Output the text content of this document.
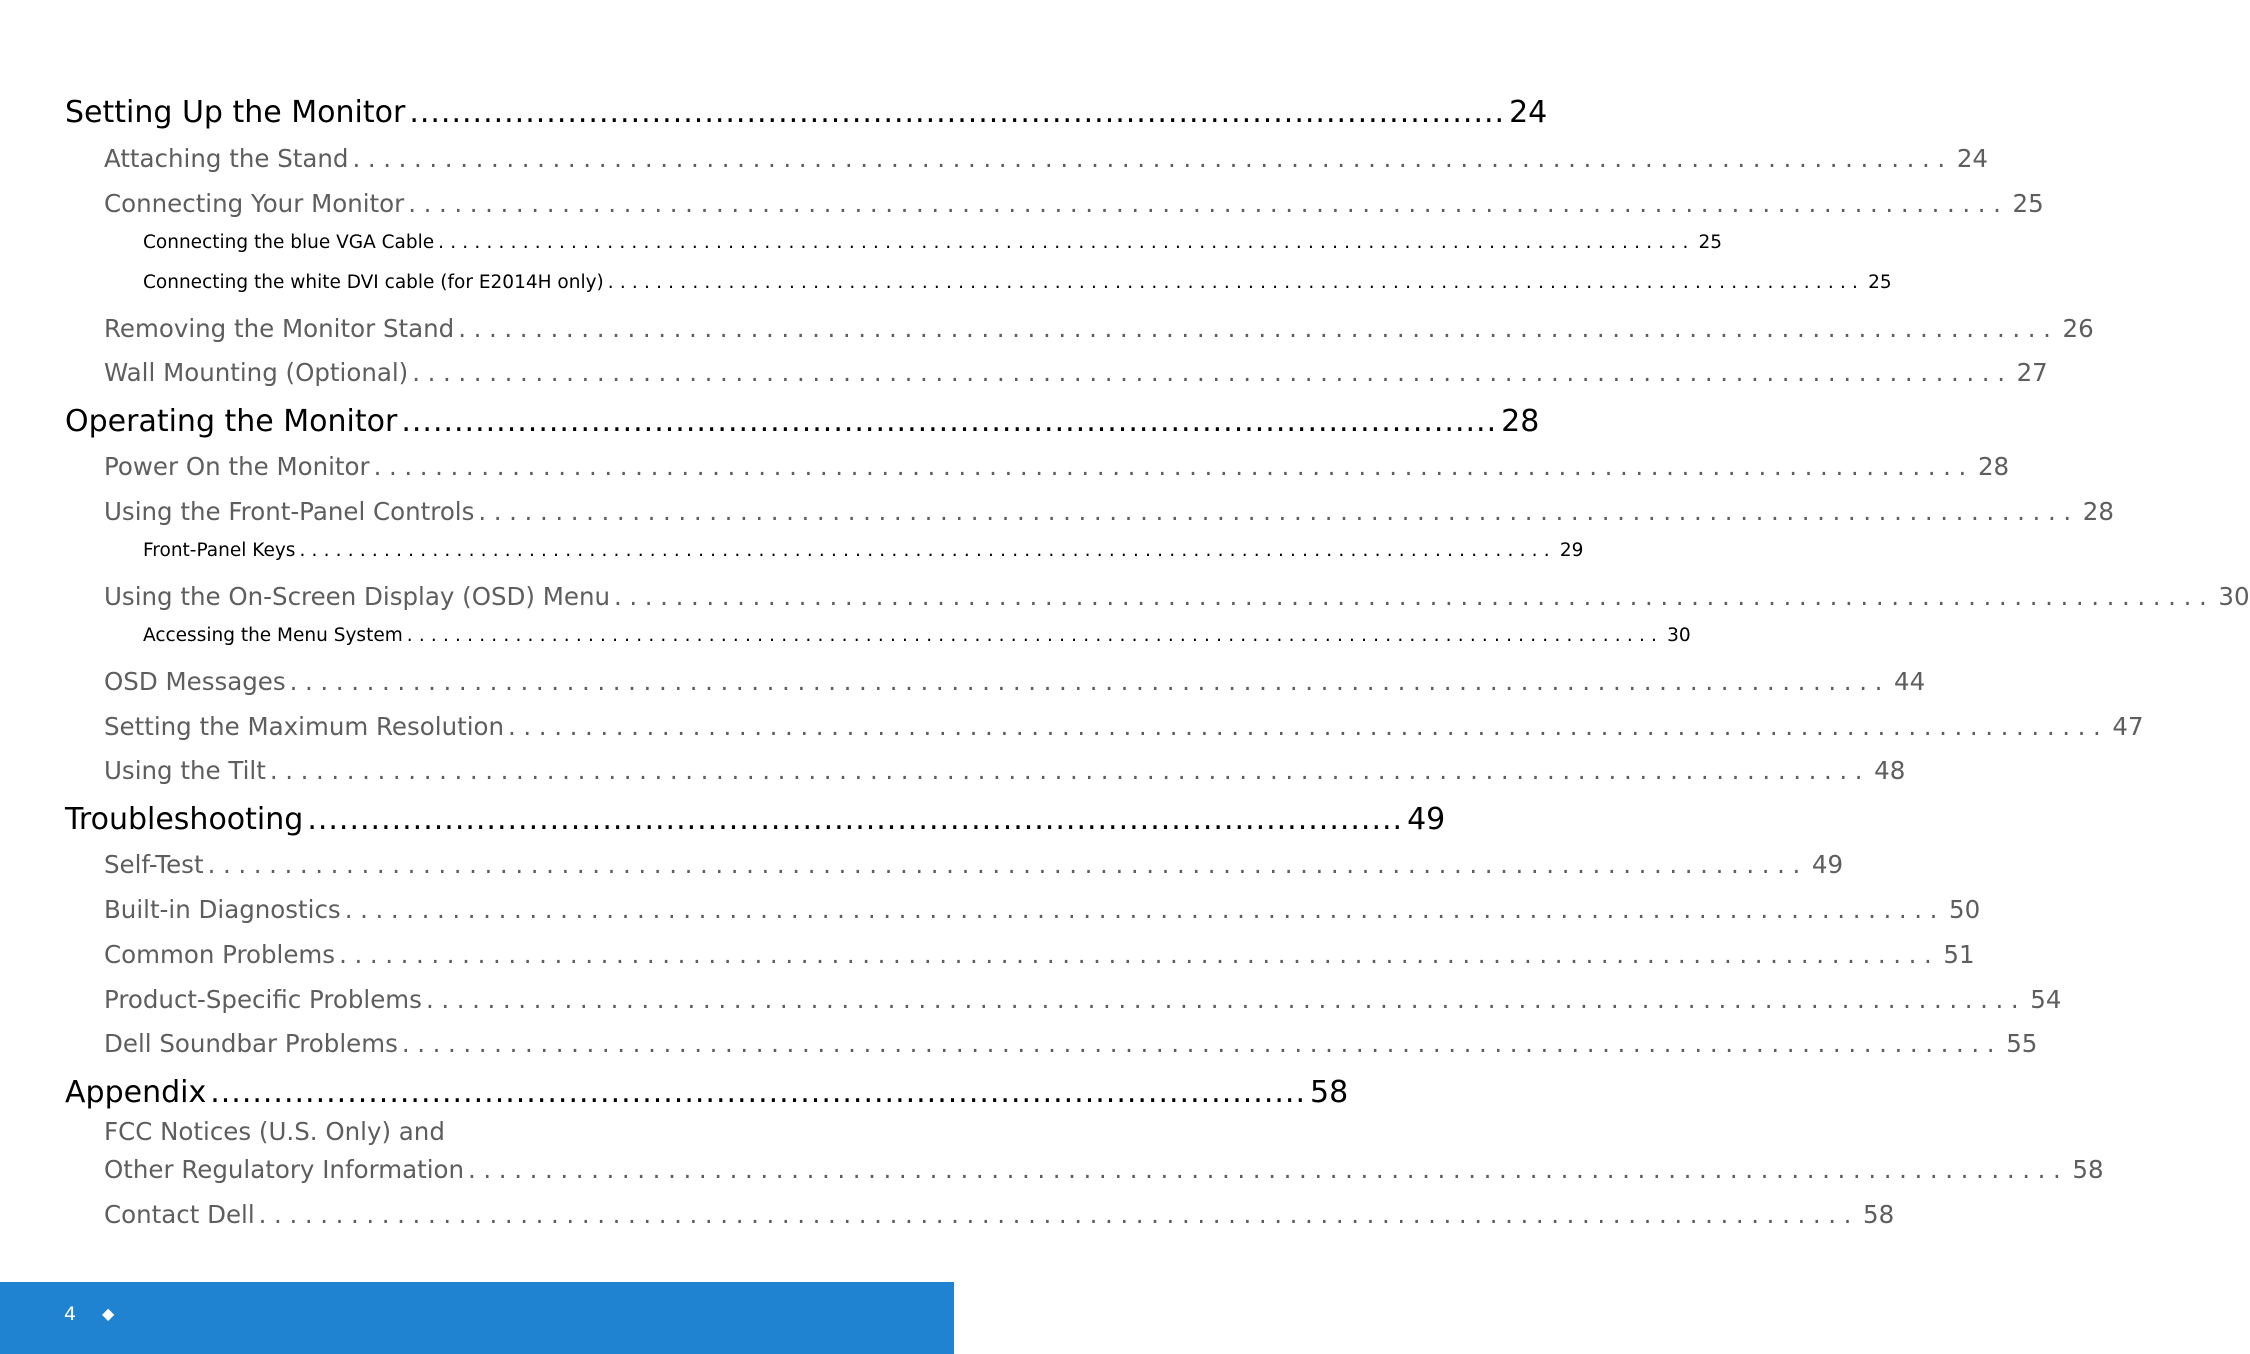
Setting Up the Monitor ........................................................................................................ 24
Attaching the Stand ........................................................................................................ 24
Connecting Your Monitor ........................................................................................................ 25
Connecting the blue VGA Cable ........................................................................................................ 25
Connecting the white DVI cable (for E2014H only) ........................................................................................................ 25
Removing the Monitor Stand ........................................................................................................ 26
Wall Mounting (Optional) ........................................................................................................ 27
Operating the Monitor ........................................................................................................ 28
Power On the Monitor ........................................................................................................ 28
Using the Front-Panel Controls ........................................................................................................ 28
Front-Panel Keys ........................................................................................................ 29
Using the On-Screen Display (OSD) Menu ........................................................................................................ 30
Accessing the Menu System ........................................................................................................ 30
OSD Messages ........................................................................................................ 44
Setting the Maximum Resolution ........................................................................................................ 47
Using the Tilt ........................................................................................................ 48
Troubleshooting ........................................................................................................ 49
Self-Test ........................................................................................................ 49
Built-in Diagnostics ........................................................................................................ 50
Common Problems ........................................................................................................ 51
Product-Specific Problems ........................................................................................................ 54
Dell Soundbar Problems ........................................................................................................ 55
Appendix ........................................................................................................ 58
FCC Notices (U.S. Only) and
Other Regulatory Information ........................................................................................................ 58
Contact Dell ........................................................................................................ 58
4 ◆
